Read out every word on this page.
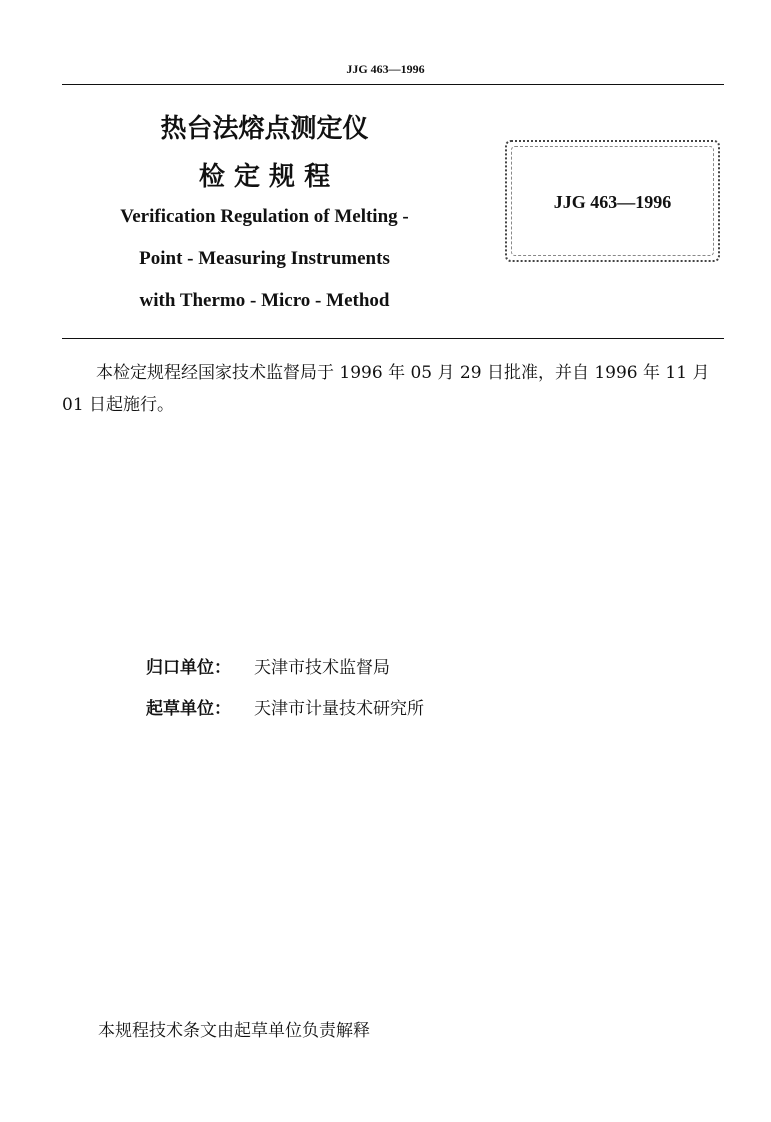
JJG 463—1996
热台法熔点测定仪
检 定 规 程
Verification Regulation of Melting -
Point - Measuring Instruments
with Thermo - Micro - Method
JJG 463—1996
本检定规程经国家技术监督局于 1996 年 05 月 29 日批准，并自 1996 年 11 月 01 日起施行。
归口单位： 天津市技术监督局
起草单位： 天津市计量技术研究所
本规程技术条文由起草单位负责解释
